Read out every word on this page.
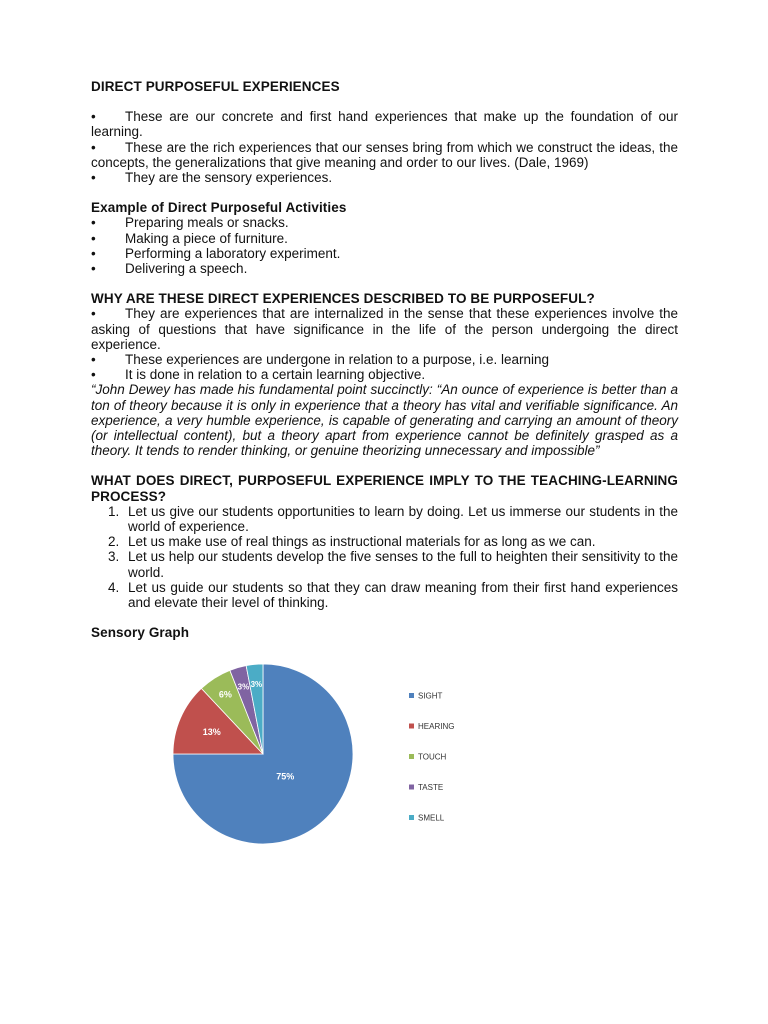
DIRECT PURPOSEFUL EXPERIENCES

• These are our concrete and first hand experiences that make up the foundation of our learning.
• These are the rich experiences that our senses bring from which we construct the ideas, the concepts, the generalizations that give meaning and order to our lives. (Dale, 1969)
• They are the sensory experiences.

Example of Direct Purposeful Activities

•	Preparing meals or snacks.
•	Making a piece of furniture.
•	Performing a laboratory experiment.
•	Delivering a speech.

WHY ARE THESE DIRECT EXPERIENCES DESCRIBED TO BE PURPOSEFUL?

• They are experiences that are internalized in the sense that these experiences involve the asking of questions that have significance in the life of the person undergoing the direct experience.
•	These experiences are undergone in relation to a purpose, i.e. learning
•	It is done in relation to a certain learning objective.

“John Dewey has made his fundamental point succinctly: “An ounce of experience is better than a ton of theory because it is only in experience that a theory has vital and verifiable significance. An experience, a very humble experience, is capable of generating and carrying an amount of theory (or intellectual content), but a theory apart from experience cannot be definitely grasped as a theory. It tends to render thinking, or genuine theorizing unnecessary and impossible”

WHAT DOES DIRECT, PURPOSEFUL EXPERIENCE IMPLY TO THE TEACHING-LEARNING PROCESS?

1. Let us give our students opportunities to learn by doing. Let us immerse our students in the world of experience.
2. Let us make use of real things as instructional materials for as long as we can.
3. Let us help our students develop the five senses to the full to heighten their sensitivity to the world.
4. Let us guide our students so that they can draw meaning from their first hand experiences and elevate their level of thinking.

Sensory Graph

75%
13%
6%
3% 3%
SIGHT
HEARING
TOUCH
TASTE
SMELL
